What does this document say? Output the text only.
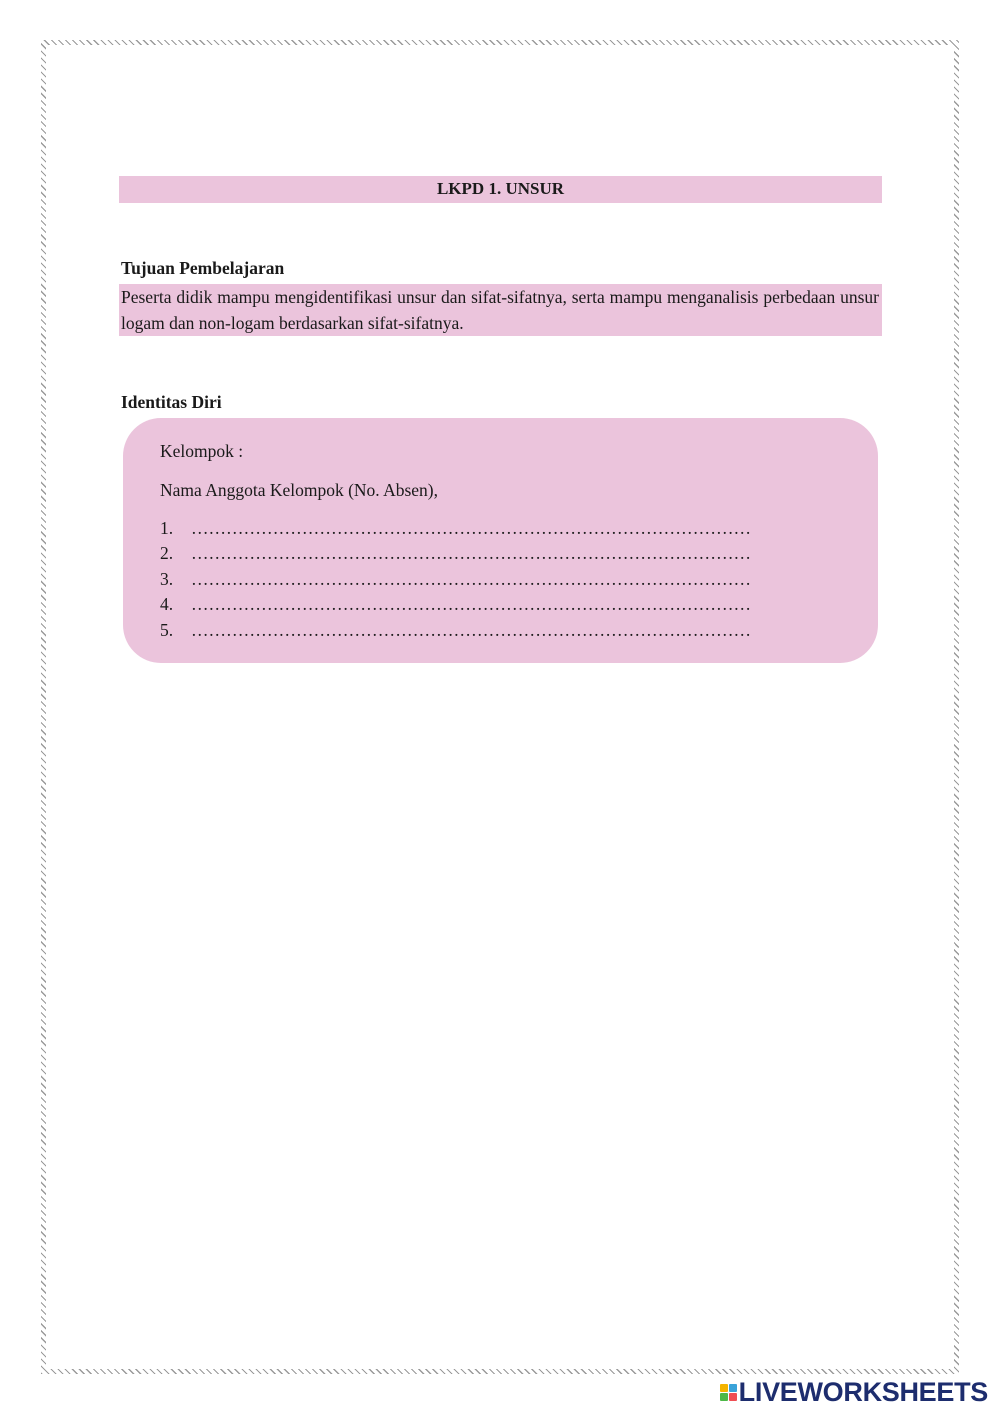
LKPD 1. UNSUR
Tujuan Pembelajaran
Peserta didik mampu mengidentifikasi unsur dan sifat-sifatnya, serta mampu menganalisis perbedaan unsur logam dan non-logam berdasarkan sifat-sifatnya.
Identitas Diri
Kelompok :
Nama Anggota Kelompok (No. Absen),
1.	……………………………………………………………………………………
2.	……………………………………………………………………………………
3.	……………………………………………………………………………………
4.	……………………………………………………………………………………
5.	……………………………………………………………………………………
LIVEWORKSHEETS
